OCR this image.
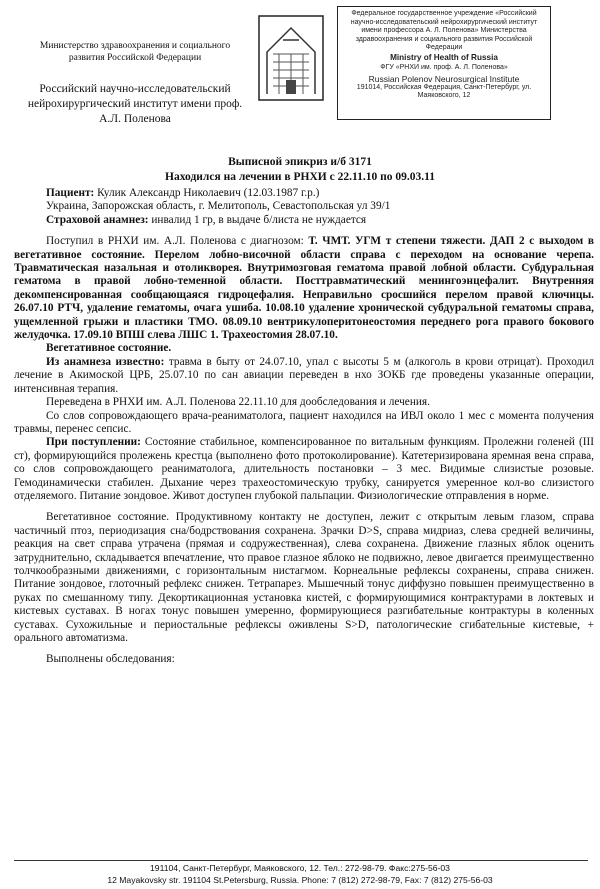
Министерство здравоохранения и социального развития Российской Федерации
Российский научно-исследовательский нейрохирургический институт имени проф. А.Л. Поленова
Федеральное государственное учреждение «Российский научно-исследовательский нейрохирургический институт имени профессора А. Л. Поленова» Министерства здравоохранения и социального развития Российской Федерации
Ministry of Health of Russia
ФГУ «РНХИ им. проф. А. Л. Поленова»
Russian Polenov Neurosurgical Institute
191014, Российская Федерация, Санкт-Петербург, ул. Маяковского, 12
Выписной эпикриз и/б 3171
Находился на лечении в РНХИ с 22.11.10 по 09.03.11

Пациент: Кулик Александр Николаевич (12.03.1987 г.р.)

Украина, Запорожская область, г. Мелитополь, Севастопольская ул 39/1

Страховой анамнез: инвалид 1 гр, в выдаче б/листа не нуждается

Поступил в РНХИ им. А.Л. Поленова с диагнозом: Т. ЧМТ. УГМ т степени тяжести. ДАП 2 с выходом в вегетативное состояние. Перелом лобно-височной области справа с переходом на основание черепа. Травматическая назальная и отоликворея. Внутримозговая гематома правой лобной области. Субдуральная гематома в правой лобно-теменной области. Посттравматический менингоэнцефалит. Внутренняя декомпенсированная сообщающаяся гидроцефалия. Неправильно сросшийся перелом правой ключицы. 26.07.10 РТЧ, удаление гематомы, очага ушиба. 10.08.10 удаление хронической субдуральной гематомы справа, ущемленной грыжи и пластики ТМО. 08.09.10 вентрикулоперитонеостомия переднего рога правого бокового желудочка. 17.09.10 ВПШ слева ЛШС 1. Трахеостомия 28.07.10.

Вегетативное состояние.

Из анамнеза известно: травма в быту от 24.07.10, упал с высоты 5 м (алкоголь в крови отрицат). Проходил лечение в Акимоской ЦРБ, 25.07.10 по сан авиации переведен в нхо ЗОКБ где проведены указанные операции, интенсивная терапия.

Переведена в РНХИ им. А.Л. Поленова 22.11.10 для дообследования и лечения.

Со слов сопровождающего врача-реаниматолога, пациент находился на ИВЛ около 1 мес с момента получения травмы, перенес сепсис.

При поступлении: Состояние стабильное, компенсированное по витальным функциям. Пролежни голеней (III ст), формирующийся пролежень крестца (выполнено фото протоколирование). Катетеризирована яремная вена справа, со слов сопровождающего реаниматолога, длительность постановки – 3 мес. Видимые слизистые розовые. Гемодинамически стабилен. Дыхание через трахеостомическую трубку, санируется умеренное кол-во слизистого отделяемого. Питание зондовое. Живот доступен глубокой пальпации. Физиологические отправления в норме.

Вегетативное состояние. Продуктивному контакту не доступен, лежит с открытым левым глазом, справа частичный птоз, периодизация сна/бодрствования сохранена. Зрачки D>S, справа мидриаз, слева средней величины, реакция на свет справа утрачена (прямая и содружественная), слева сохранена. Движение глазных яблок оценить затруднительно, складывается впечатление, что правое глазное яблоко не подвижно, левое двигается преимущественно толчкообразными движениями, с горизонтальным нистагмом. Корнеальные рефлексы сохранены, справа снижен. Питание зондовое, глоточный рефлекс снижен. Тетрапарез. Мышечный тонус диффузно повышен преимущественно в руках по смешанному типу. Декортикационная установка кистей, с формирующимися контрактурами в локтевых и кистевых суставах. В ногах тонус повышен умеренно, формирующиеся разгибательные контрактуры в коленных суставах. Сухожильные и периостальные рефлексы оживлены S>D, патологические сгибательные кистевые, + орального автоматизма.

Выполнены обследования:

191104, Санкт-Петербург, Маяковского, 12. Тел.: 272-98-79. Факс:275-56-03
12 Mayakovsky str. 191104 St.Petersburg, Russia. Phone: 7 (812) 272-98-79, Fax: 7 (812) 275-56-03
